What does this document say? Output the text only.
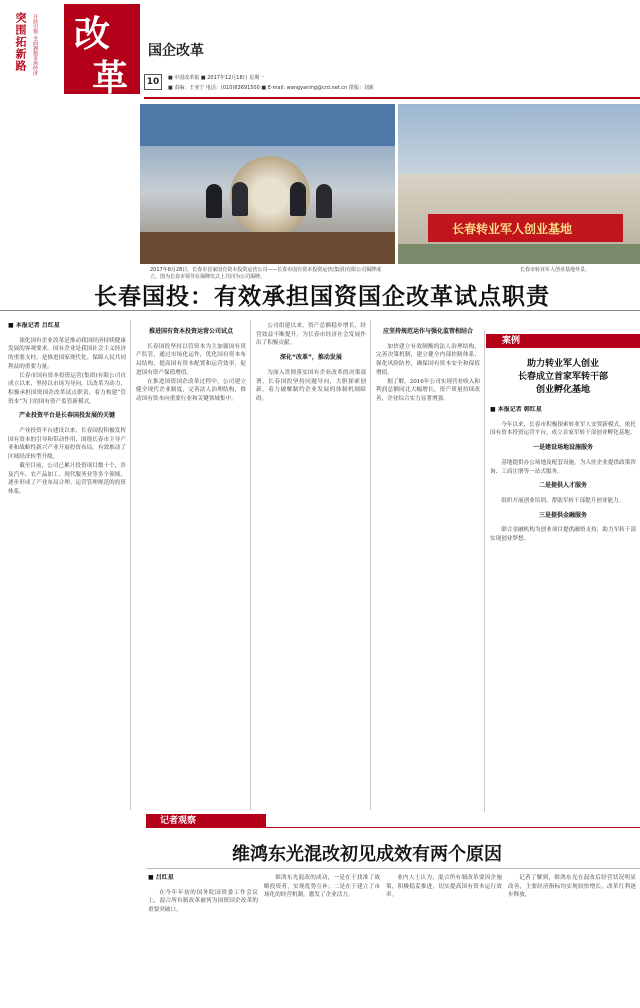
突围拓新路 开放引领 全面拥抱市场经济 改
革
国企改革
10	■ 中国改革报 ■ 2017年12月18日 星期一
■ 责编：王亚宁 电话：(010)63691500 ■ E-mail: wangyaning@crd.net.cn 排版：刘新
长春转业军人创业基地
2017年8月28日，长春市首家国有资本投资运营公司——长春市国有资本投资运营(集团)有限公司揭牌成立。图为长春市领导在揭牌仪式上共同为公司揭牌。
长春市转业军人创业基地外景。
长春国投：有效承担国资国企改革试点职责
■ 本报记者 吕红星

深化国有企业改革是推动我国经济持续健康发展的客观要求。国有企业是我国社会主义经济的重要支柱，是推进国家现代化、保障人民共同利益的重要力量。

长春市国有资本投资运营(集团)有限公司自成立以来，坚持以市场为导向，以改革为动力，积极承担国资国企改革试点职责，着力构建“管资本”为主的国有资产监管新模式。

产业投资平台是长春国投发展的关键

产业投资平台建设以来，长春国投积极发挥国有资本的引导和带动作用，围绕长春市主导产业和战略性新兴产业开展投资布局，有效推动了区域经济转型升级。

截至目前，公司已累计投资项目数十个，涉及汽车、农产品加工、现代服务业等多个领域，逐步形成了产业布局合理、运营管理规范的投资体系。

推进国有资本投资运营公司试点

长春国投坚持以管资本为主加强国有资产监管，通过市场化运作，优化国有资本布局结构，提高国有资本配置和运营效率，促进国有资产保值增值。

在推进国资国企改革过程中，公司建立健全现代企业制度，完善法人治理结构，推动国有资本向重要行业和关键领域集中。

公司组建以来，资产总额稳步增长，经营效益不断提升，为长春市经济社会发展作出了积极贡献。

深化“改革”，推动发展

为深入贯彻落实国有企业改革的决策部署，长春国投坚持问题导向，大胆探索创新，着力破解制约企业发展的体制机制障碍。

应坚持规范运作与强化监管相结合

加快建立有效制衡的法人治理结构，完善决策机制，建立健全内部控制体系，强化风险防控，确保国有资本安全和保值增值。

据了解，2016年公司实现营业收入和利润总额同比大幅增长，资产质量持续改善，企业综合实力显著增强。

案例
助力转业军人创业
长春成立首家军转干部
创业孵化基地
■ 本报记者 韩红星

今年以来，长春市积极探索转业军人安置新模式，依托国有资本投资运营平台，成立首家军转干部创业孵化基地。

一是建设场地设施服务

基地提供办公场地及配套设施，为入驻企业提供政策咨询、工商注册等一站式服务。

二是提供人才服务

组织开展创业培训，帮助军转干部提升创业能力。

三是提供金融服务

联合金融机构为创业项目提供融资支持，助力军转干部实现创业梦想。

记者观察
维鸿东光混改初见成效有两个原因
■ 吕红星

在今年年初的国务院国资委工作会议上，混合所有制改革被列为国资国企改革的重要突破口。

维鸿东光混改的成功，一是在于找准了战略投资者，实现优势互补；二是在于建立了市场化的经营机制，激发了企业活力。

业内人士认为，混合所有制改革要因企施策，积极稳妥推进，切实提高国有资本运行效率。

记者了解到，维鸿东光在混改后经营状况明显改善，主要经济指标均实现较快增长，改革红利逐步释放。
